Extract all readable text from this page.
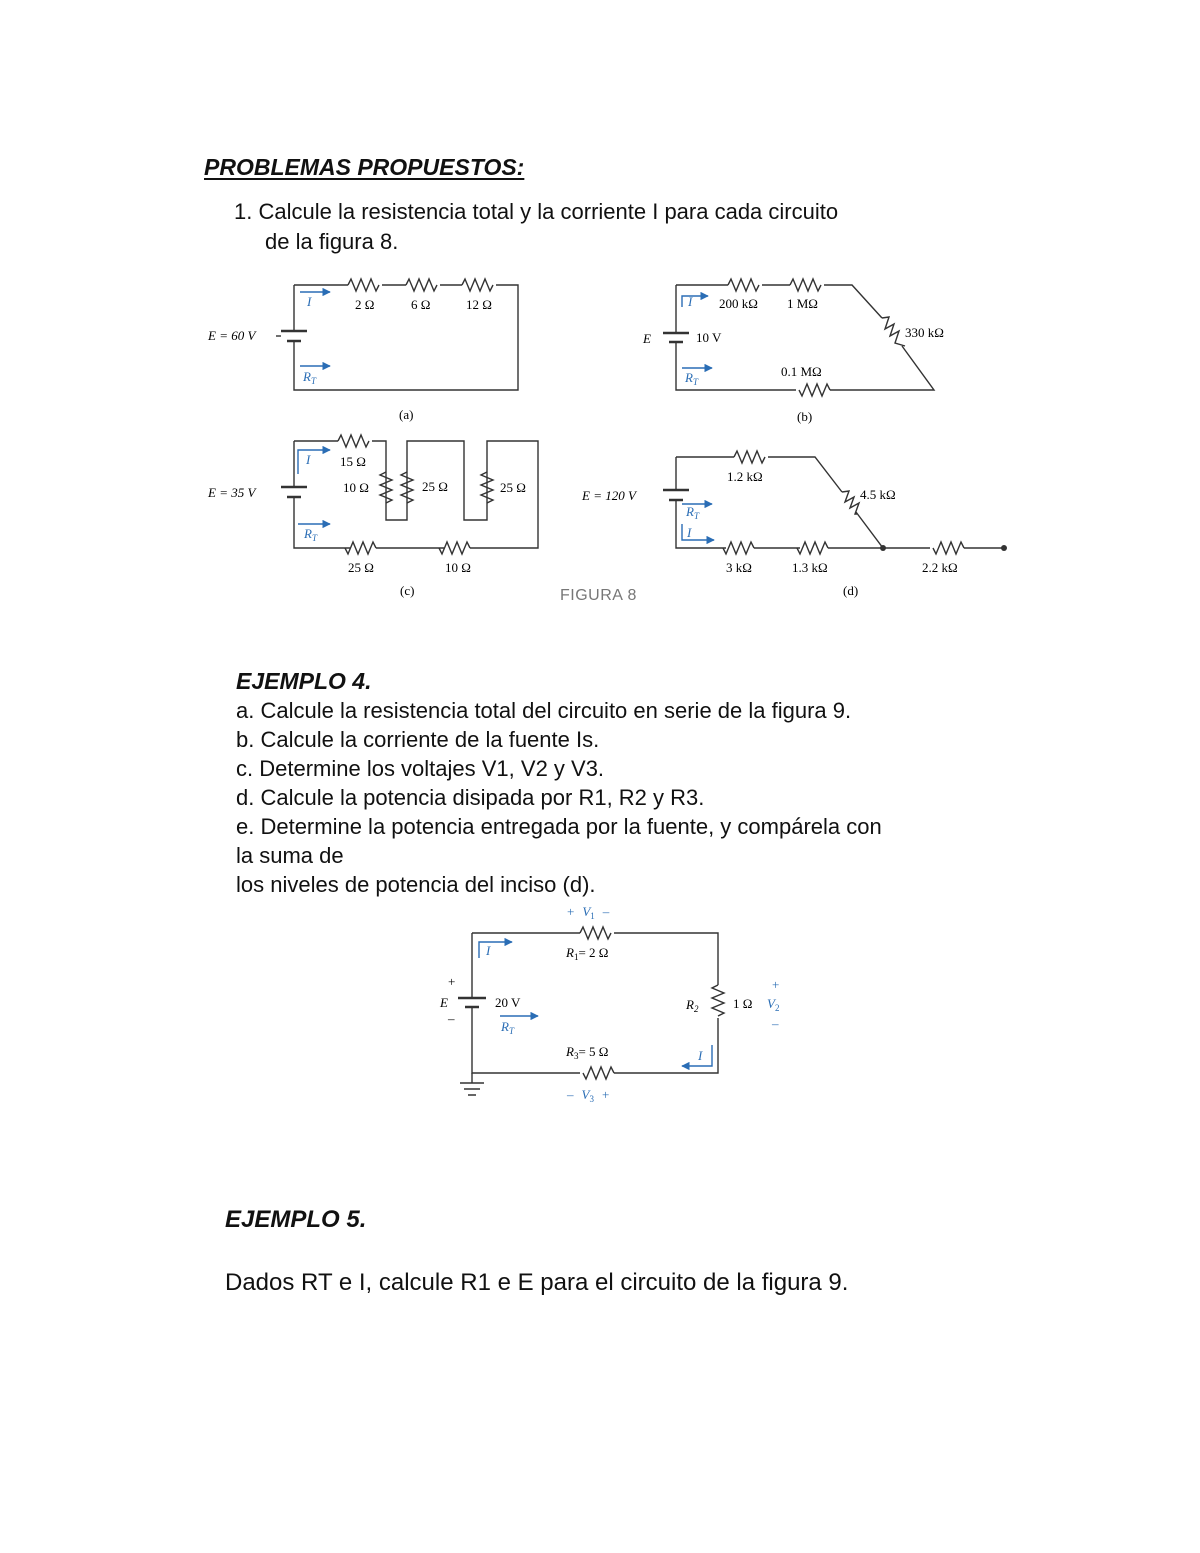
PROBLEMAS PROPUESTOS:
1. Calcule la resistencia total y la corriente I para cada circuito
de la figura 8.
E = 60 V
I
$R_T$
2 Ω	6 Ω	12 Ω
(a)
E	10 V
I
$R_T$
200 kΩ 1 MΩ
330 kΩ
0.1 MΩ
(b)
E = 35 V
I
$R_T$
15 Ω
10 Ω	25 Ω	25 Ω
25 Ω	10 Ω
(c)
E = 120 V
$R_T$
I
1.2 kΩ
4.5 kΩ
3 kΩ	1.3 kΩ	2.2 kΩ
(d)
FIGURA 8
EJEMPLO 4.
a. Calcule la resistencia total del circuito en serie de la figura 9.
b. Calcule la corriente de la fuente Is.
c. Determine los voltajes V1, V2 y V3.
d. Calcule la potencia disipada por R1, R2 y R3.
e. Determine la potencia entregada por la fuente, y compárela con
la suma de
los niveles de potencia del inciso (d).
+ $V_1$ –
$R_1= 2$ Ω
+
E
–
20 V
$R_T$
$R_2$	1 Ω
+
$V_2$
–
I
I
$R_3= 5$ Ω
– $V_3$ +
EJEMPLO 5.
Dados RT e I, calcule R1 e E para el circuito de la figura 9.
